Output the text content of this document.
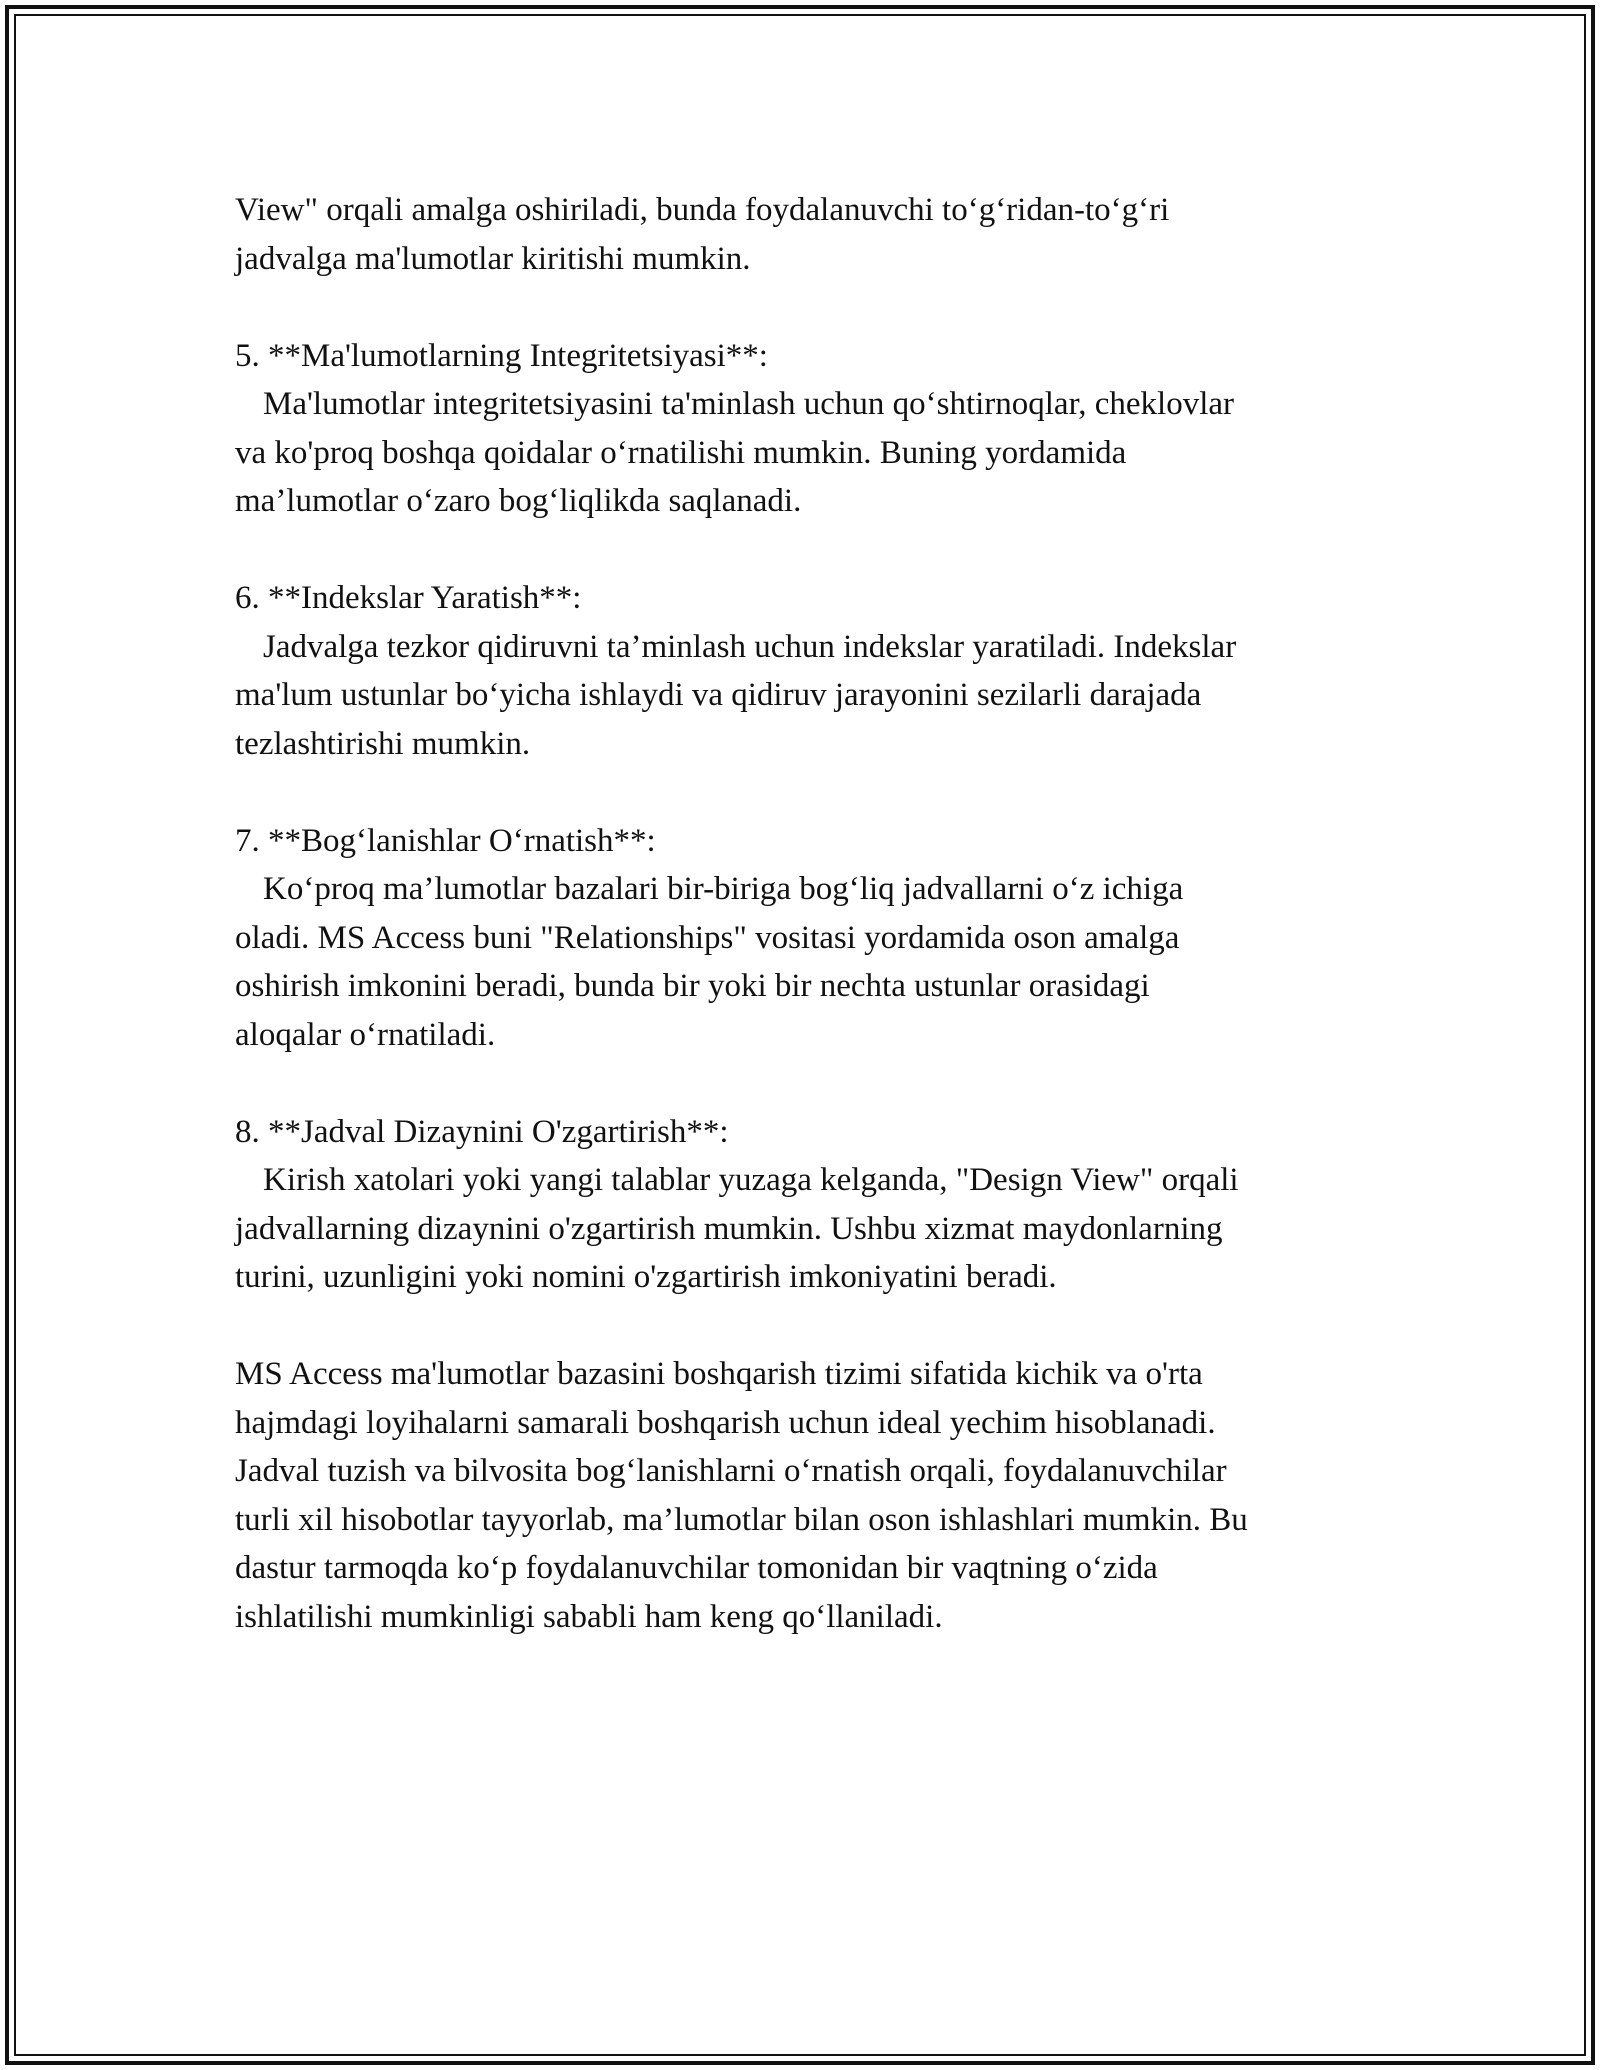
View" orqali amalga oshiriladi, bunda foydalanuvchi to‘g‘ridan-to‘g‘ri
jadvalga ma'lumotlar kiritishi mumkin.
5. **Ma'lumotlarning Integritetsiyasi**:
Ma'lumotlar integritetsiyasini ta'minlash uchun qo‘shtirnoqlar, cheklovlar
va ko'proq boshqa qoidalar o‘rnatilishi mumkin. Buning yordamida
ma’lumotlar o‘zaro bog‘liqlikda saqlanadi.
6. **Indekslar Yaratish**:
Jadvalga tezkor qidiruvni ta’minlash uchun indekslar yaratiladi. Indekslar
ma'lum ustunlar bo‘yicha ishlaydi va qidiruv jarayonini sezilarli darajada
tezlashtirishi mumkin.
7. **Bog‘lanishlar O‘rnatish**:
Ko‘proq ma’lumotlar bazalari bir-biriga bog‘liq jadvallarni o‘z ichiga
oladi. MS Access buni "Relationships" vositasi yordamida oson amalga
oshirish imkonini beradi, bunda bir yoki bir nechta ustunlar orasidagi
aloqalar o‘rnatiladi.
8. **Jadval Dizaynini O'zgartirish**:
Kirish xatolari yoki yangi talablar yuzaga kelganda, "Design View" orqali
jadvallarning dizaynini o'zgartirish mumkin. Ushbu xizmat maydonlarning
turini, uzunligini yoki nomini o'zgartirish imkoniyatini beradi.
MS Access ma'lumotlar bazasini boshqarish tizimi sifatida kichik va o'rta
hajmdagi loyihalarni samarali boshqarish uchun ideal yechim hisoblanadi.
Jadval tuzish va bilvosita bog‘lanishlarni o‘rnatish orqali, foydalanuvchilar
turli xil hisobotlar tayyorlab, ma’lumotlar bilan oson ishlashlari mumkin. Bu
dastur tarmoqda ko‘p foydalanuvchilar tomonidan bir vaqtning o‘zida
ishlatilishi mumkinligi sababli ham keng qo‘llaniladi.
